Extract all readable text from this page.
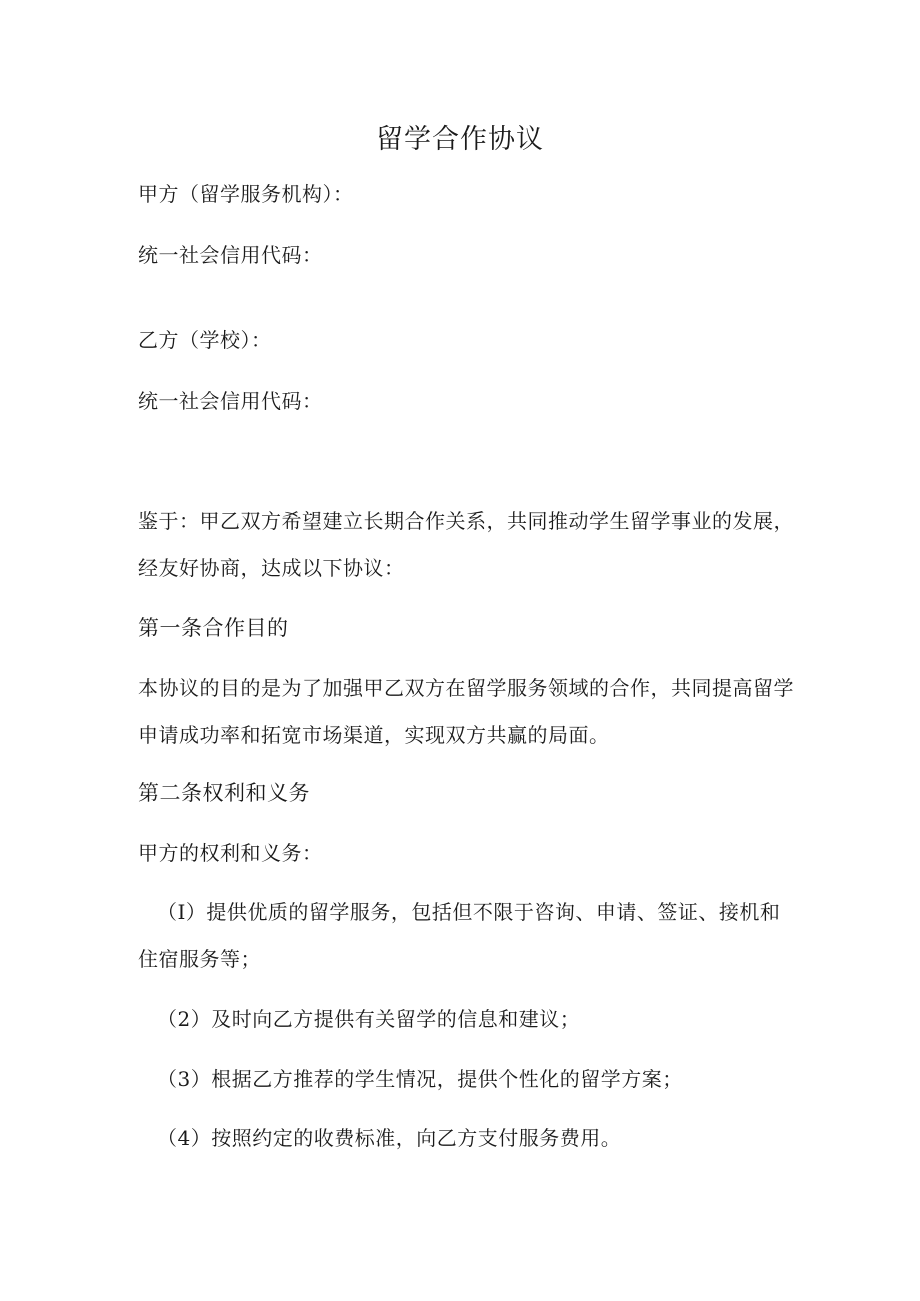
留学合作协议
甲方（留学服务机构）：
统一社会信用代码：
乙方（学校）：
统一社会信用代码：
鉴于：甲乙双方希望建立长期合作关系，共同推动学生留学事业的发展，
经友好协商，达成以下协议：
第一条合作目的
本协议的目的是为了加强甲乙双方在留学服务领域的合作，共同提高留学
申请成功率和拓宽市场渠道，实现双方共赢的局面。
第二条权利和义务
甲方的权利和义务：
（I）提供优质的留学服务，包括但不限于咨询、申请、签证、接机和
住宿服务等；
（2）及时向乙方提供有关留学的信息和建议；
（3）根据乙方推荐的学生情况，提供个性化的留学方案；
（4）按照约定的收费标准，向乙方支付服务费用。
